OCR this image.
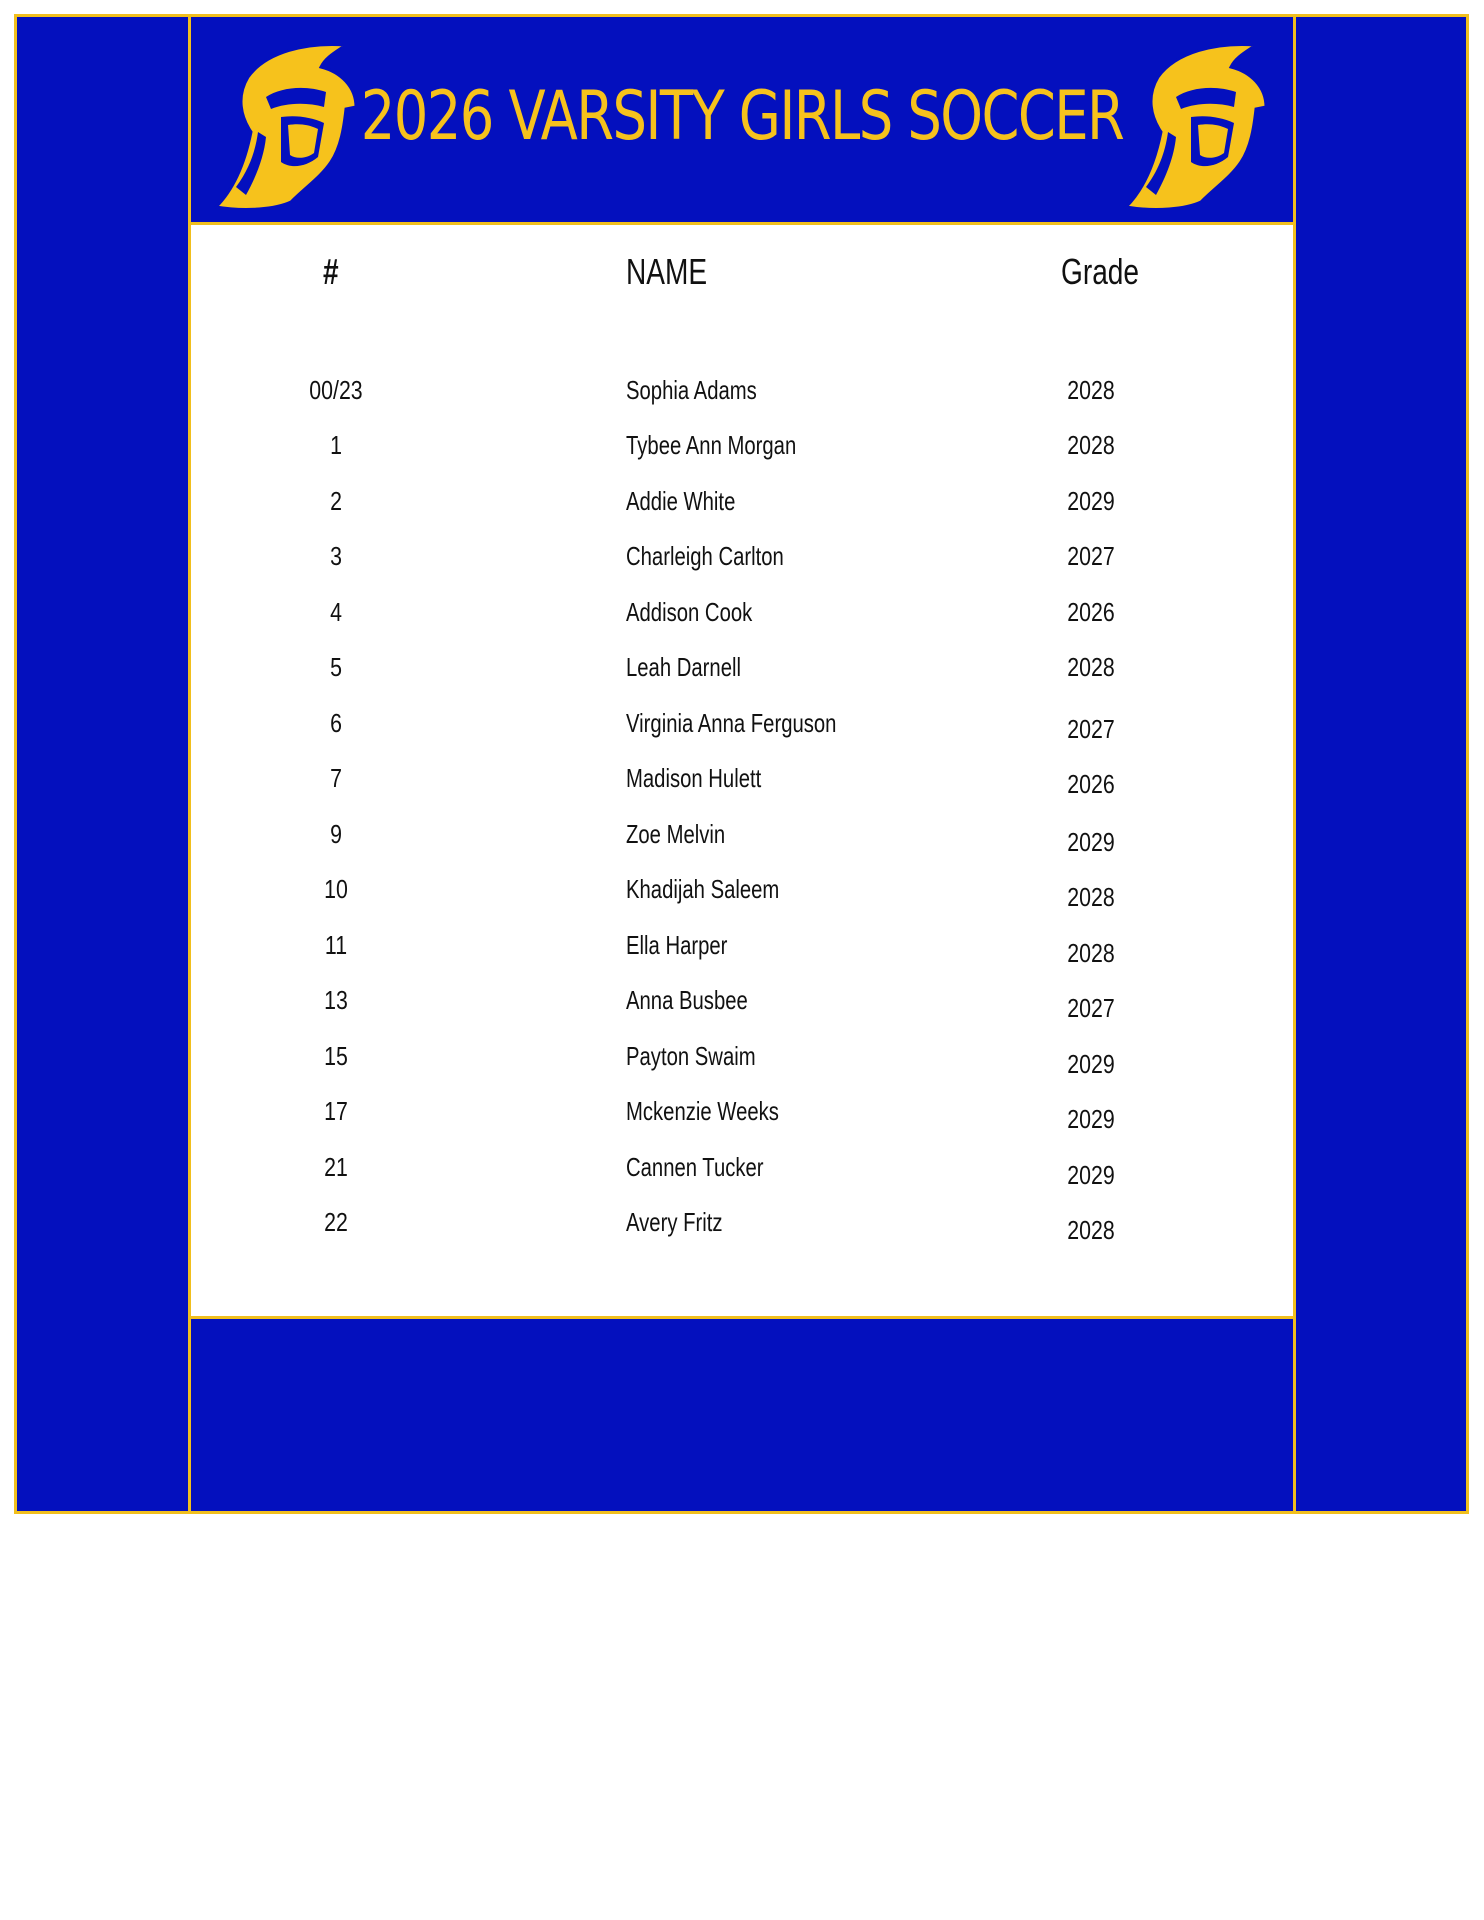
2026 VARSITY GIRLS SOCCER
#	NAME	Grade
00/23	Sophia Adams	2028
1	Tybee Ann Morgan	2028
2	Addie White	2029
3	Charleigh Carlton	2027
4	Addison Cook	2026
5	Leah Darnell	2028
6	Virginia Anna Ferguson	2027
7	Madison Hulett	2026
9	Zoe Melvin	2029
10	Khadijah Saleem	2028
11	Ella Harper	2028
13	Anna Busbee	2027
15	Payton Swaim	2029
17	Mckenzie Weeks	2029
21	Cannen Tucker	2029
22	Avery Fritz	2028
